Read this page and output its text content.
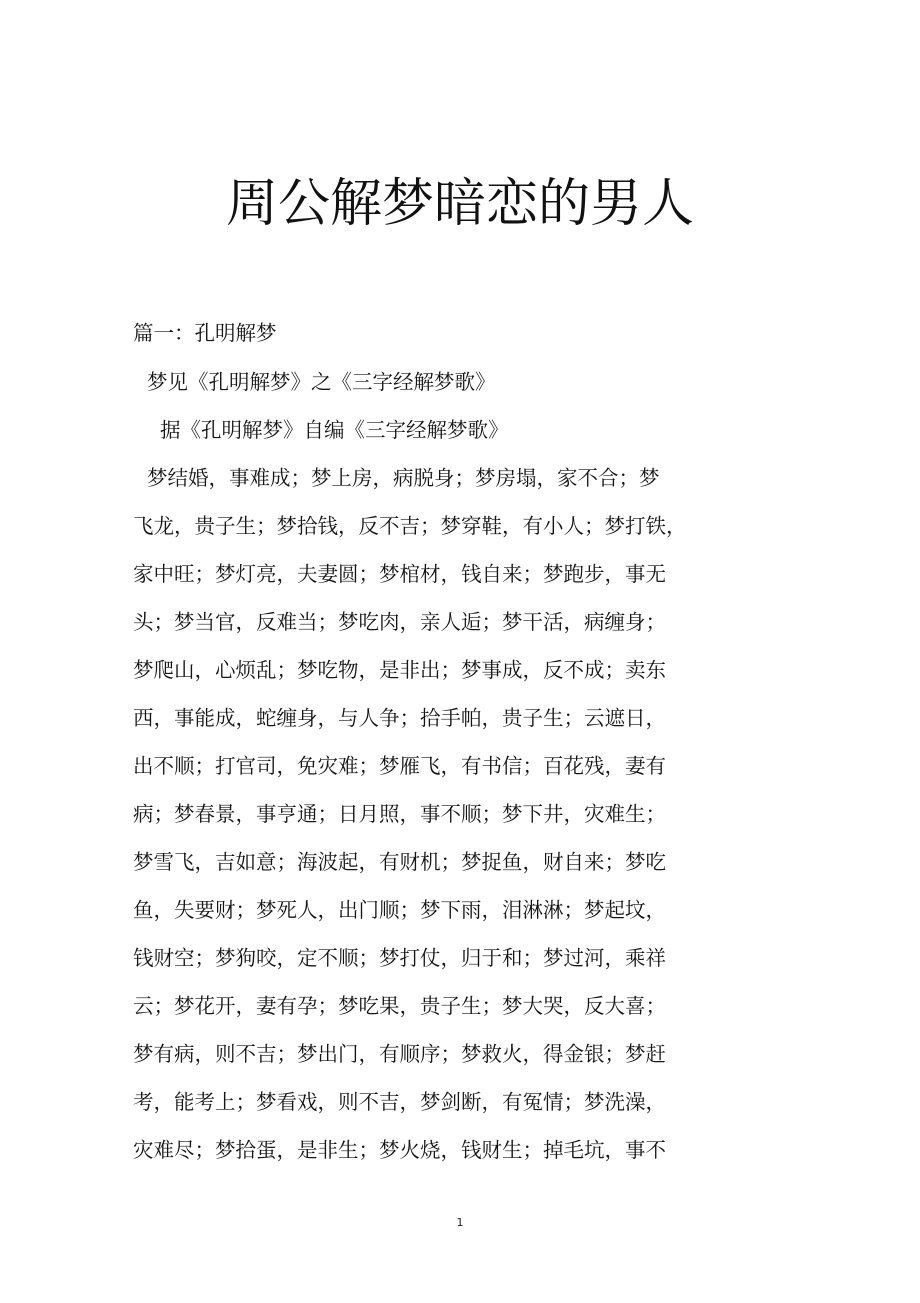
周公解梦暗恋的男人
篇一：孔明解梦
梦见《孔明解梦》之《三字经解梦歌》
据《孔明解梦》自编《三字经解梦歌》
梦结婚，事难成；梦上房，病脱身；梦房塌，家不合；梦
飞龙，贵子生；梦拾钱，反不吉；梦穿鞋，有小人；梦打铁，
家中旺；梦灯亮，夫妻圆；梦棺材，钱自来；梦跑步，事无
头；梦当官，反难当；梦吃肉，亲人逅；梦干活，病缠身；
梦爬山，心烦乱；梦吃物，是非出；梦事成，反不成；卖东
西，事能成，蛇缠身，与人争；拾手帕，贵子生；云遮日，
出不顺；打官司，免灾难；梦雁飞，有书信；百花残，妻有
病；梦春景，事亨通；日月照，事不顺；梦下井，灾难生；
梦雪飞，吉如意；海波起，有财机；梦捉鱼，财自来；梦吃
鱼，失要财；梦死人，出门顺；梦下雨，泪淋淋；梦起坟，
钱财空；梦狗咬，定不顺；梦打仗，归于和；梦过河，乘祥
云；梦花开，妻有孕；梦吃果，贵子生；梦大哭，反大喜；
梦有病，则不吉；梦出门，有顺序；梦救火，得金银；梦赶
考，能考上；梦看戏，则不吉，梦剑断，有冤情；梦洗澡，
灾难尽；梦拾蛋，是非生；梦火烧，钱财生；掉毛坑，事不
1
